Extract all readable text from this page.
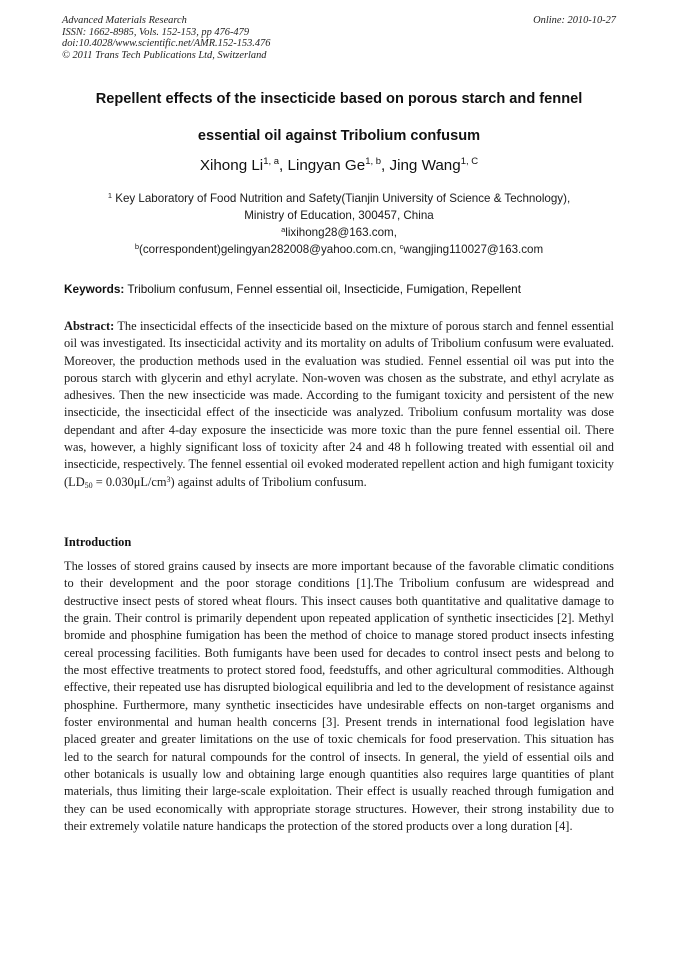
Advanced Materials Research
ISSN: 1662-8985, Vols. 152-153, pp 476-479
doi:10.4028/www.scientific.net/AMR.152-153.476
© 2011 Trans Tech Publications Ltd, Switzerland
Online: 2010-10-27
Repellent effects of the insecticide based on porous starch and fennel
essential oil against Tribolium confusum
Xihong Li$^{1, a}$, Lingyan Ge$^{1, b}$, Jing Wang$^{1, C}$
$^1$ Key Laboratory of Food Nutrition and Safety(Tianjin University of Science & Technology),
Ministry of Education, 300457, China
$^a$lixihong28@163.com,
$^b$(correspondent)gelingyan282008@yahoo.com.cn, $^c$wangjing110027@163.com
Keywords: Tribolium confusum, Fennel essential oil, Insecticide, Fumigation, Repellent
Abstract: The insecticidal effects of the insecticide based on the mixture of porous starch and fennel essential oil was investigated. Its insecticidal activity and its mortality on adults of Tribolium confusum were evaluated. Moreover, the production methods used in the evaluation was studied. Fennel essential oil was put into the porous starch with glycerin and ethyl acrylate. Non-woven was chosen as the substrate, and ethyl acrylate as adhesives. Then the new insecticide was made. According to the fumigant toxicity and persistent of the new insecticide, the insecticidal effect of the insecticide was analyzed. Tribolium confusum mortality was dose dependant and after 4-day exposure the insecticide was more toxic than the pure fennel essential oil. There was, however, a highly significant loss of toxicity after 24 and 48 h following treated with essential oil and insecticide, respectively. The fennel essential oil evoked moderated repellent action and high fumigant toxicity $(LD_{50} = 0.030\mu L/cm^3)$ against adults of Tribolium confusum.
Introduction
The losses of stored grains caused by insects are more important because of the favorable climatic conditions to their development and the poor storage conditions [1].The Tribolium confusum are widespread and destructive insect pests of stored wheat flours. This insect causes both quantitative and qualitative damage to the grain. Their control is primarily dependent upon repeated application of synthetic insecticides [2]. Methyl bromide and phosphine fumigation has been the method of choice to manage stored product insects infesting cereal processing facilities. Both fumigants have been used for decades to control insect pests and belong to the most effective treatments to protect stored food, feedstuffs, and other agricultural commodities. Although effective, their repeated use has disrupted biological equilibria and led to the development of resistance against phosphine. Furthermore, many synthetic insecticides have undesirable effects on non-target organisms and foster environmental and human health concerns [3]. Present trends in international food legislation have placed greater and greater limitations on the use of toxic chemicals for food preservation. This situation has led to the search for natural compounds for the control of insects. In general, the yield of essential oils and other botanicals is usually low and obtaining large enough quantities also requires large quantities of plant materials, thus limiting their large-scale exploitation. Their effect is usually reached through fumigation and they can be used economically with appropriate storage structures. However, their strong instability due to their extremely volatile nature handicaps the protection of the stored products over a long duration [4].
